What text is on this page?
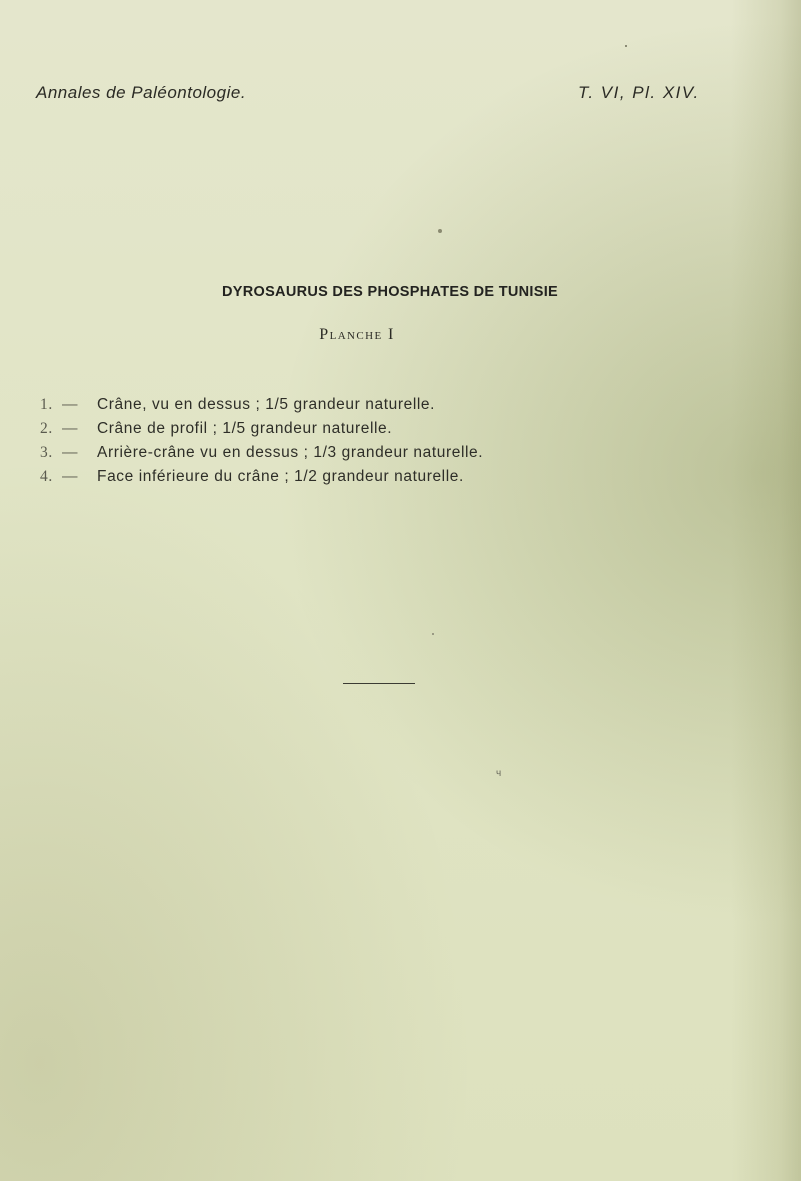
Annales de Paléontologie.	T. VI, Pl. XIV.
DYROSAURUS DES PHOSPHATES DE TUNISIE
Planche I
1. —	Crâne, vu en dessus ; 1/5 grandeur naturelle.
2. —	Crâne de profil ; 1/5 grandeur naturelle.
3. —	Arrière-crâne vu en dessus ; 1/3 grandeur naturelle.
4. —	Face inférieure du crâne ; 1/2 grandeur naturelle.
ч
